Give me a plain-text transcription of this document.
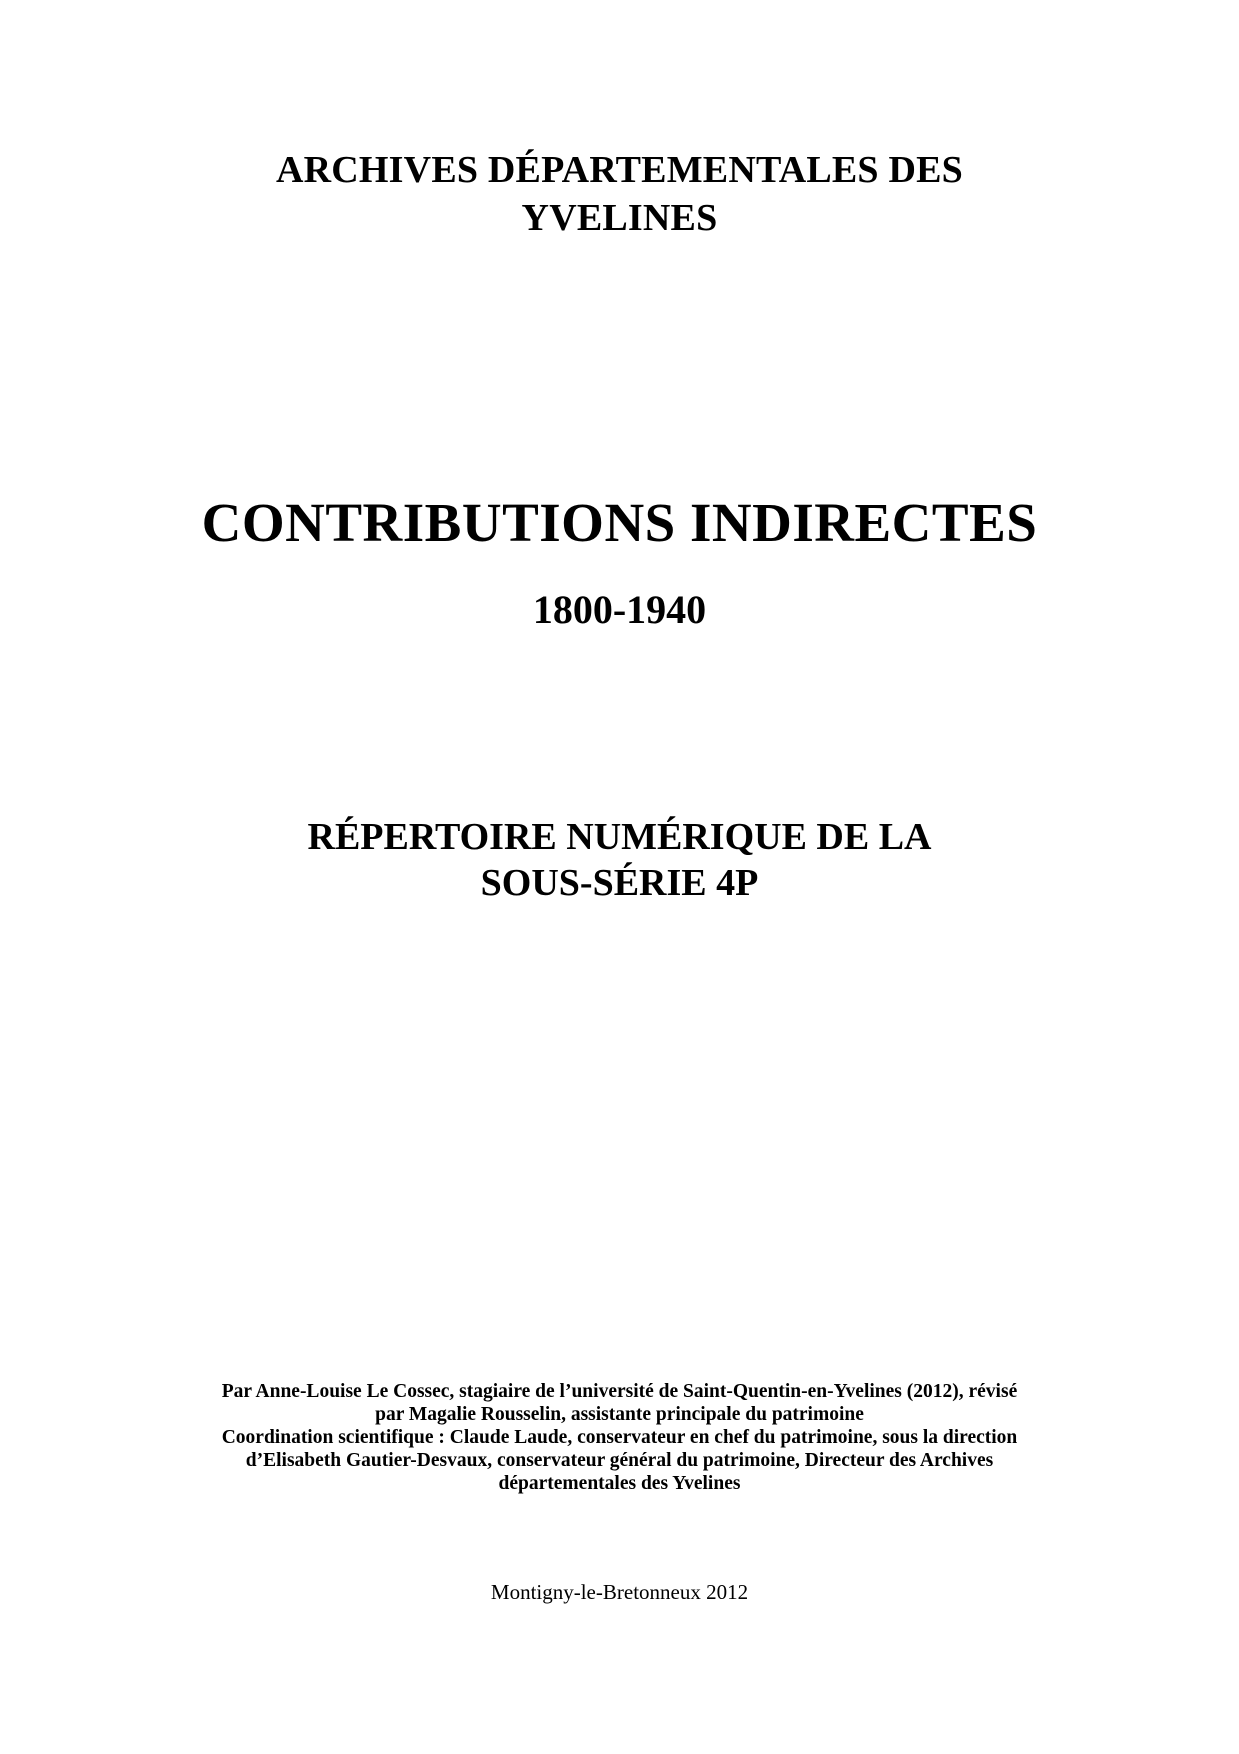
ARCHIVES DÉPARTEMENTALES DES
YVELINES
CONTRIBUTIONS INDIRECTES
1800-1940
RÉPERTOIRE NUMÉRIQUE DE LA
SOUS-SÉRIE 4P
Par Anne-Louise Le Cossec, stagiaire de l’université de Saint-Quentin-en-Yvelines (2012), révisé
par Magalie Rousselin, assistante principale du patrimoine
Coordination scientifique : Claude Laude, conservateur en chef du patrimoine, sous la direction
d’Elisabeth Gautier-Desvaux, conservateur général du patrimoine, Directeur des Archives
départementales des Yvelines
Montigny-le-Bretonneux 2012
